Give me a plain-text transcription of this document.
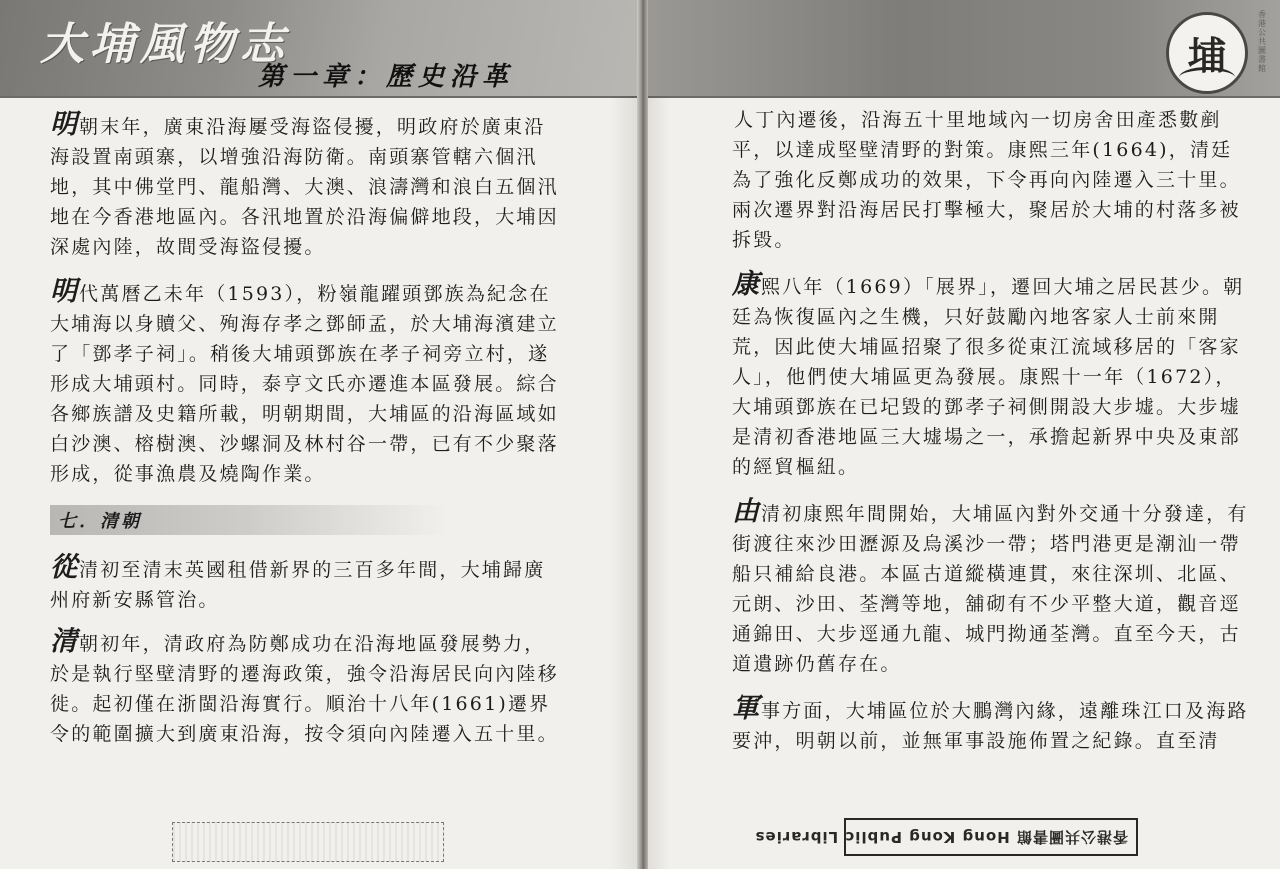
大埔風物志
第一章：歷史沿革

明 朝末年，廣東沿海屢受海盜侵擾，明政府於廣東沿海設置南頭寨，以增強沿海防衛。南頭寨管轄六個汛地，其中佛堂門、龍船灣、大澳、浪濤灣和浪白五個汛地在今香港地區內。各汛地置於沿海偏僻地段，大埔因深處內陸，故間受海盜侵擾。

明 代萬曆乙未年（1593），粉嶺龍躍頭鄧族為紀念在大埔海以身贖父、殉海存孝之鄧師孟，於大埔海濱建立了「鄧孝子祠」。稍後大埔頭鄧族在孝子祠旁立村，遂形成大埔頭村。同時，泰亨文氏亦遷進本區發展。綜合各鄉族譜及史籍所載，明朝期間，大埔區的沿海區域如白沙澳、榕樹澳、沙螺洞及林村谷一帶，已有不少聚落形成，從事漁農及燒陶作業。

七．清朝

從 清初至清末英國租借新界的三百多年間，大埔歸廣州府新安縣管治。

清 朝初年，清政府為防鄭成功在沿海地區發展勢力，於是執行堅壁清野的遷海政策，強令沿海居民向內陸移徙。起初僅在浙閩沿海實行。順治十八年(1661)遷界令的範圍擴大到廣東沿海，按令須向內陸遷入五十里。

埔
香港公共圖書館

人丁內遷後，沿海五十里地域內一切房舍田產悉數剷平，以達成堅壁清野的對策。康熙三年(1664)，清廷為了強化反鄭成功的效果，下令再向內陸遷入三十里。兩次遷界對沿海居民打擊極大，聚居於大埔的村落多被拆毀。

康 熙八年（1669）「展界」，遷回大埔之居民甚少。朝廷為恢復區內之生機，只好鼓勵內地客家人士前來開荒，因此使大埔區招聚了很多從東江流域移居的「客家人」，他們使大埔區更為發展。康熙十一年（1672），大埔頭鄧族在已圮毀的鄧孝子祠側開設大步墟。大步墟是清初香港地區三大墟場之一，承擔起新界中央及東部的經貿樞紐。

由 清初康熙年間開始，大埔區內對外交通十分發達，有街渡往來沙田瀝源及烏溪沙一帶；塔門港更是潮汕一帶船只補給良港。本區古道縱橫連貫，來往深圳、北區、元朗、沙田、荃灣等地，舖砌有不少平整大道，觀音逕通錦田、大步逕通九龍、城門拗通荃灣。直至今天，古道遺跡仍舊存在。

軍 事方面，大埔區位於大鵬灣內緣，遠離珠江口及海路要沖，明朝以前，並無軍事設施佈置之紀錄。直至清

香港公共圖書館 Hong Kong Public Libraries
